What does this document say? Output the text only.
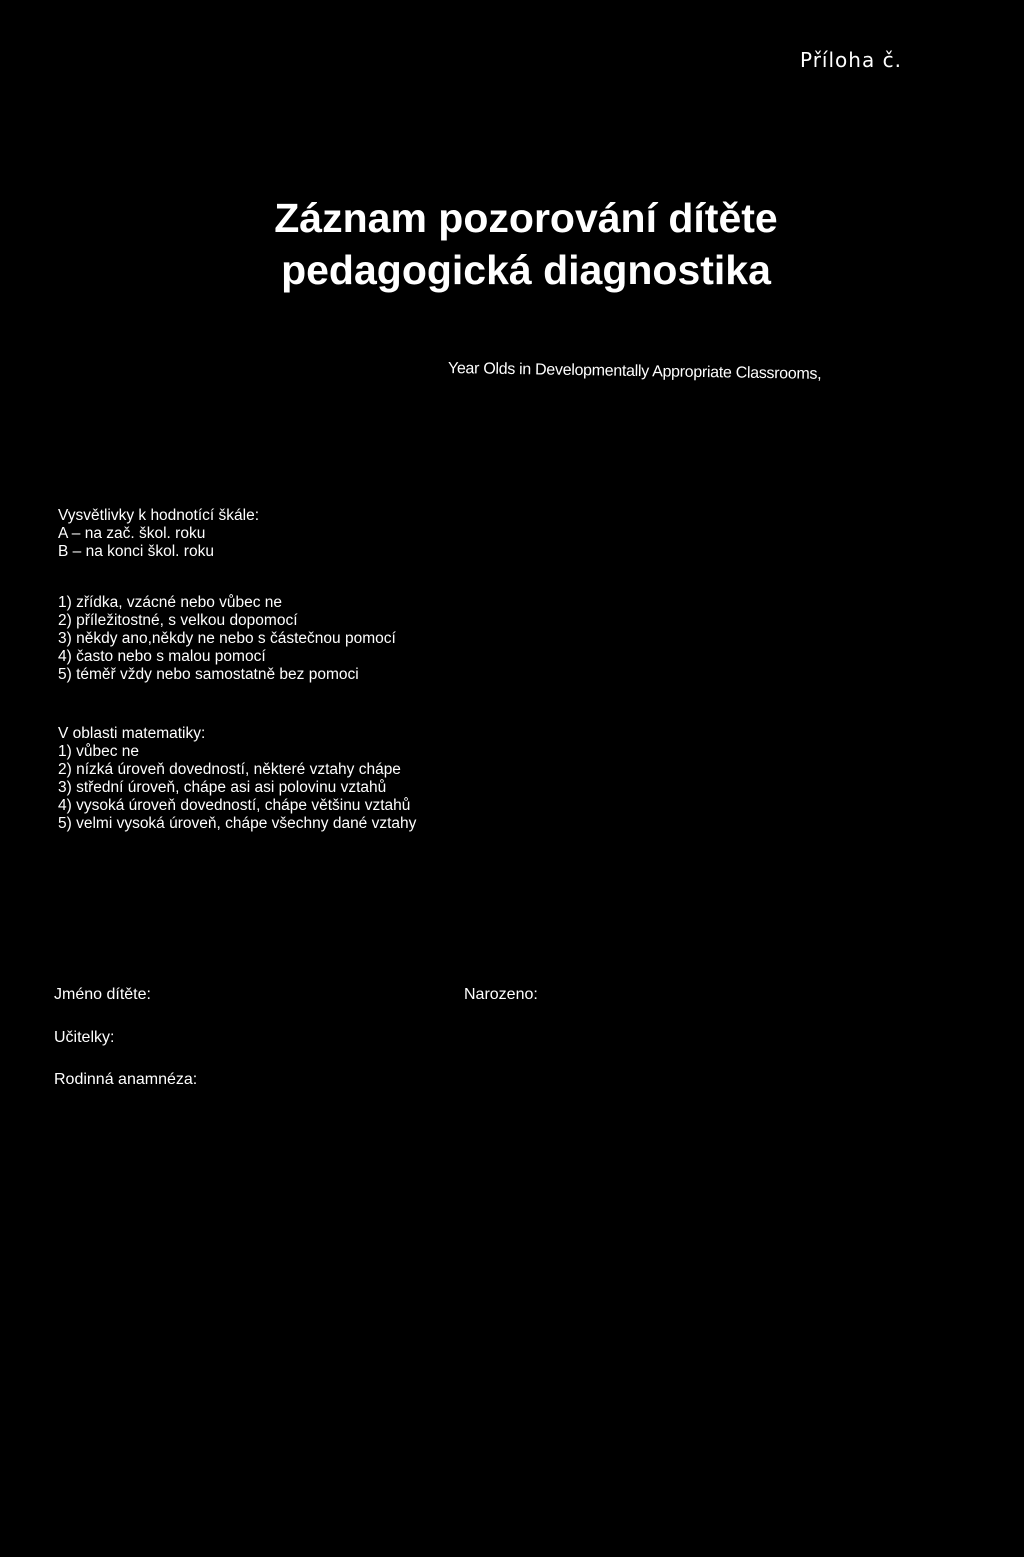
Příloha č.
Záznam pozorování dítěte
pedagogická diagnostika
Year Olds in Developmentally Appropriate Classrooms,
Vysvětlivky k hodnotící škále:
A – na zač. škol. roku
B – na konci škol. roku
1) zřídka, vzácné nebo vůbec ne
2) příležitostné, s velkou dopomocí
3) někdy ano,někdy ne nebo s částečnou pomocí
4) často nebo s malou pomocí
5) téměř vždy nebo samostatně bez pomoci
V oblasti matematiky:
1) vůbec ne
2) nízká úroveň dovedností, některé vztahy chápe
3) střední úroveň, chápe asi asi polovinu vztahů
4) vysoká úroveň dovedností, chápe většinu vztahů
5) velmi vysoká úroveň, chápe všechny dané vztahy
Jméno dítěte:	Narozeno:
Učitelky:
Rodinná anamnéza:
